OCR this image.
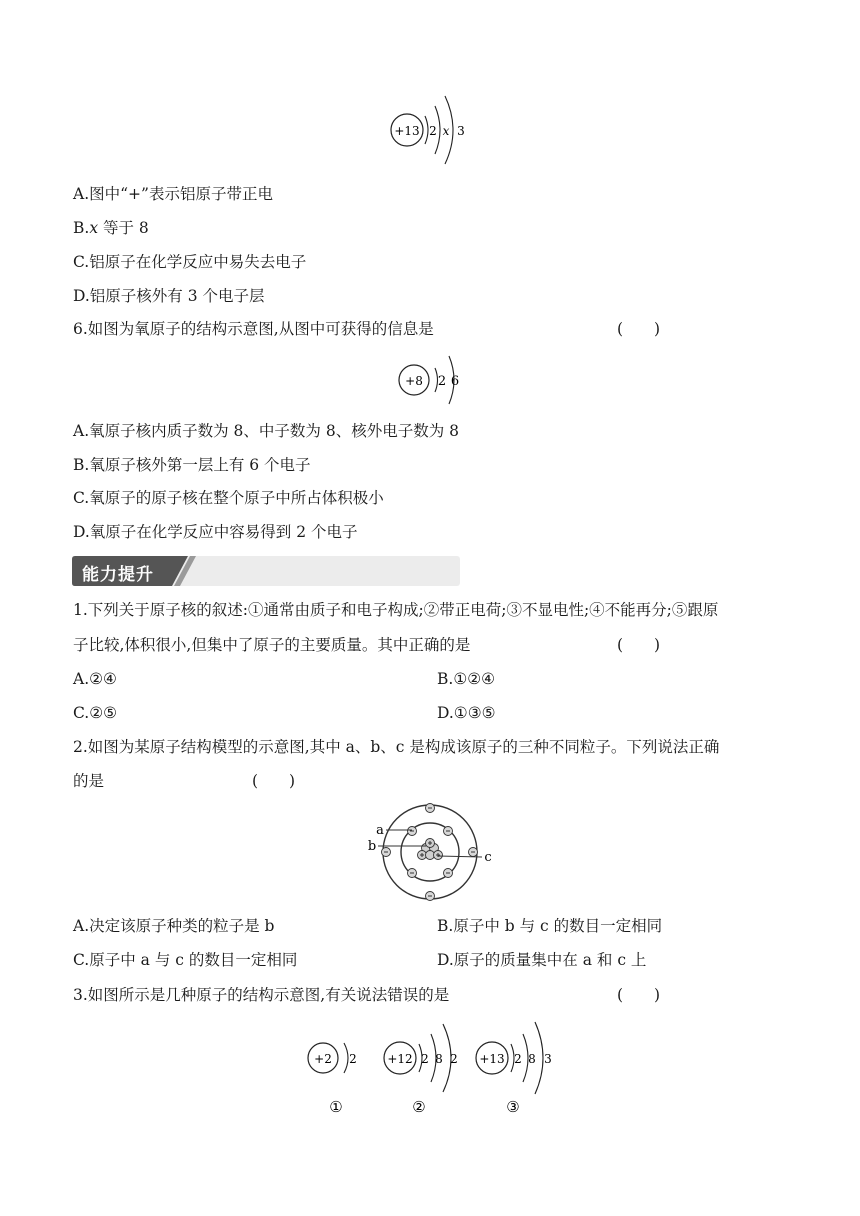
+13 2 x 3
A.图中“+”表示铝原子带正电
B.x 等于 8
C.铝原子在化学反应中易失去电子
D.铝原子核外有 3 个电子层
6.如图为氧原子的结构示意图,从图中可获得的信息是	(　　)
+8 2 6
A.氧原子核内质子数为 8、中子数为 8、核外电子数为 8
B.氧原子核外第一层上有 6 个电子
C.氧原子的原子核在整个原子中所占体积极小
D.氧原子在化学反应中容易得到 2 个电子
能力提升
1.下列关于原子核的叙述:①通常由质子和电子构成;②带正电荷;③不显电性;④不能再分;⑤跟原
子比较,体积很小,但集中了原子的主要质量。其中正确的是	(　　)
A.②④	B.①②④
C.②⑤	D.①③⑤
2.如图为某原子结构模型的示意图,其中 a、b、c 是构成该原子的三种不同粒子。下列说法正确
的是	(　　)
a
b
c
A.决定该原子种类的粒子是 b	B.原子中 b 与 c 的数目一定相同
C.原子中 a 与 c 的数目一定相同	D.原子的质量集中在 a 和 c 上
3.如图所示是几种原子的结构示意图,有关说法错误的是	(　　)
+2 2
①
+12 2 8 2
②
+13 2 8 3
③
